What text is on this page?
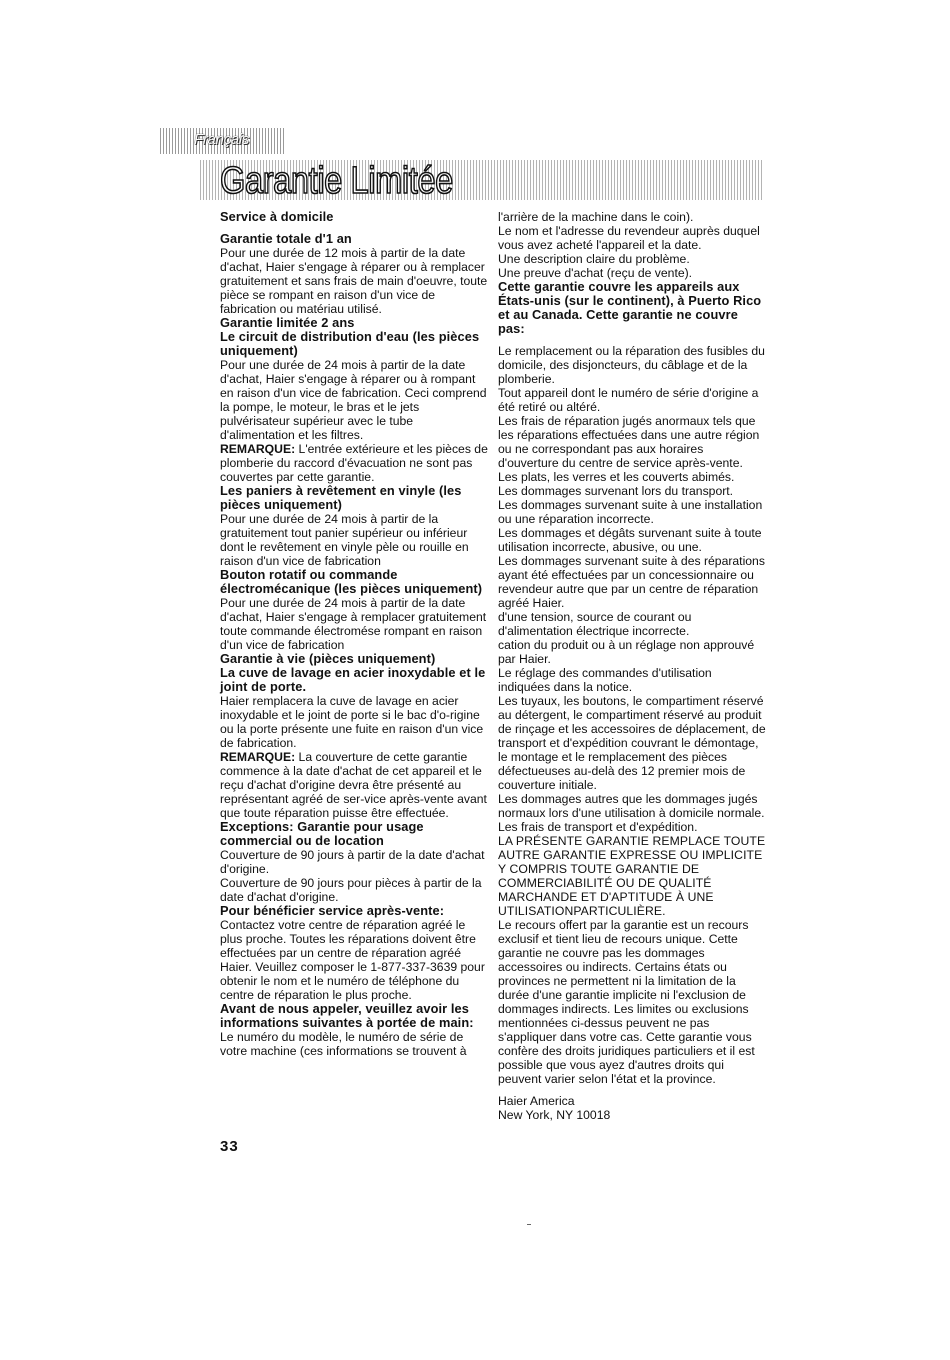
Français
Garantie Limitée
Service à domicile
Garantie totale d'1 an

Pour une durée de 12 mois à partir de la date d'achat, Haier s'engage à réparer ou à remplacer gratuitement et sans frais de main d'oeuvre, toute pièce se rompant en raison d'un vice de fabrication ou matériau utilisé.

Garantie limitée 2 ans
Le circuit de distribution d'eau (les pièces uniquement)

Pour une durée de 24 mois à partir de la date d'achat, Haier s'engage à réparer ou à rompant en raison d'un vice de fabrication. Ceci comprend la pompe, le moteur, le bras et le jets pulvérisateur supérieur avec le tube d'alimentation et les filtres.

REMARQUE: L'entrée extérieure et les pièces de plomberie du raccord d'évacuation ne sont pas couvertes par cette garantie.

Les paniers à revêtement en vinyle (les pièces uniquement)

Pour une durée de 24 mois à partir de la gratuitement tout panier supérieur ou inférieur dont le revêtement en vinyle pèle ou rouille en raison d'un vice de fabrication

Bouton rotatif ou commande électromécanique (les pièces uniquement)

Pour une durée de 24 mois à partir de la date d'achat, Haier s'engage à remplacer gratuitement toute commande électromése rompant en raison d'un vice de fabrication

Garantie à vie (pièces uniquement)
La cuve de lavage en acier inoxydable et le joint de porte.

Haier remplacera la cuve de lavage en acier inoxydable et le joint de porte si le bac d'o-rigine ou la porte présente une fuite en raison d'un vice de fabrication.

REMARQUE: La couverture de cette garantie commence à la date d'achat de cet appareil et le reçu d'achat d'origine devra être présenté au représentant agréé de ser-vice après-vente avant que toute réparation puisse être effectuée.

Exceptions: Garantie pour usage commercial ou de location

Couverture de 90 jours à partir de la date d'achat d'origine.

Couverture de 90 jours pour pièces à partir de la date d'achat d'origine.

Pour bénéficier service après-vente:

Contactez votre centre de réparation agréé le plus proche. Toutes les réparations doivent être effectuées par un centre de réparation agréé Haier. Veuillez composer le 1-877-337-3639 pour obtenir le nom et le numéro de téléphone du centre de réparation le plus proche.

Avant de nous appeler, veuillez avoir les informations suivantes à portée de main:

Le numéro du modèle, le numéro de série de votre machine (ces informations se trouvent à

l'arrière de la machine dans le coin).

Le nom et l'adresse du revendeur auprès duquel vous avez acheté l'appareil et la date.

Une description claire du problème.

Une preuve d'achat (reçu de vente).

Cette garantie couvre les appareils aux États-unis (sur le continent), à Puerto Rico et au Canada. Cette garantie ne couvre pas:

Le remplacement ou la réparation des fusibles du domicile, des disjoncteurs, du câblage et de la plomberie.

Tout appareil dont le numéro de série d'origine a été retiré ou altéré.

Les frais de réparation jugés anormaux tels que les réparations effectuées dans une autre région ou ne correspondant pas aux horaires d'ouverture du centre de service après-vente.

Les plats, les verres et les couverts abimés.

Les dommages survenant lors du transport.

Les dommages survenant suite à une installation ou une réparation incorrecte.

Les dommages et dégâts survenant suite à toute utilisation incorrecte, abusive, ou une.

Les dommages survenant suite à des réparations ayant été effectuées par un concessionnaire ou revendeur autre que par un centre de réparation agréé Haier.

d'une tension, source de courant ou d'alimentation électrique incorrecte.

cation du produit ou à un réglage non approuvé par Haier.

Le réglage des commandes d'utilisation indiquées dans la notice.

Les tuyaux, les boutons, le compartiment réservé au détergent, le compartiment réservé au produit de rinçage et les accessoires de déplacement, de transport et d'expédition couvrant le démontage, le montage et le remplacement des pièces défectueuses au-delà des 12 premier mois de couverture initiale.

Les dommages autres que les dommages jugés normaux lors d'une utilisation à domicile normale.

Les frais de transport et d'expédition.

LA PRÉSENTE GARANTIE REMPLACE TOUTE AUTRE GARANTIE EXPRESSE OU IMPLICITE Y COMPRIS TOUTE GARANTIE DE COMMERCIABILITÉ OU DE QUALITÉ MARCHANDE ET D'APTITUDE À UNE UTILISATIONPARTICULIÈRE.

Le recours offert par la garantie est un recours exclusif et tient lieu de recours unique. Cette garantie ne couvre pas les dommages accessoires ou indirects. Certains états ou provinces ne permettent ni la limitation de la durée d'une garantie implicite ni l'exclusion de dommages indirects. Les limites ou exclusions mentionnées ci-dessus peuvent ne pas s'appliquer dans votre cas. Cette garantie vous confère des droits juridiques particuliers et il est possible que vous ayez d'autres droits qui peuvent varier selon l'état et la province.

Haier America

New York, NY 10018

33
